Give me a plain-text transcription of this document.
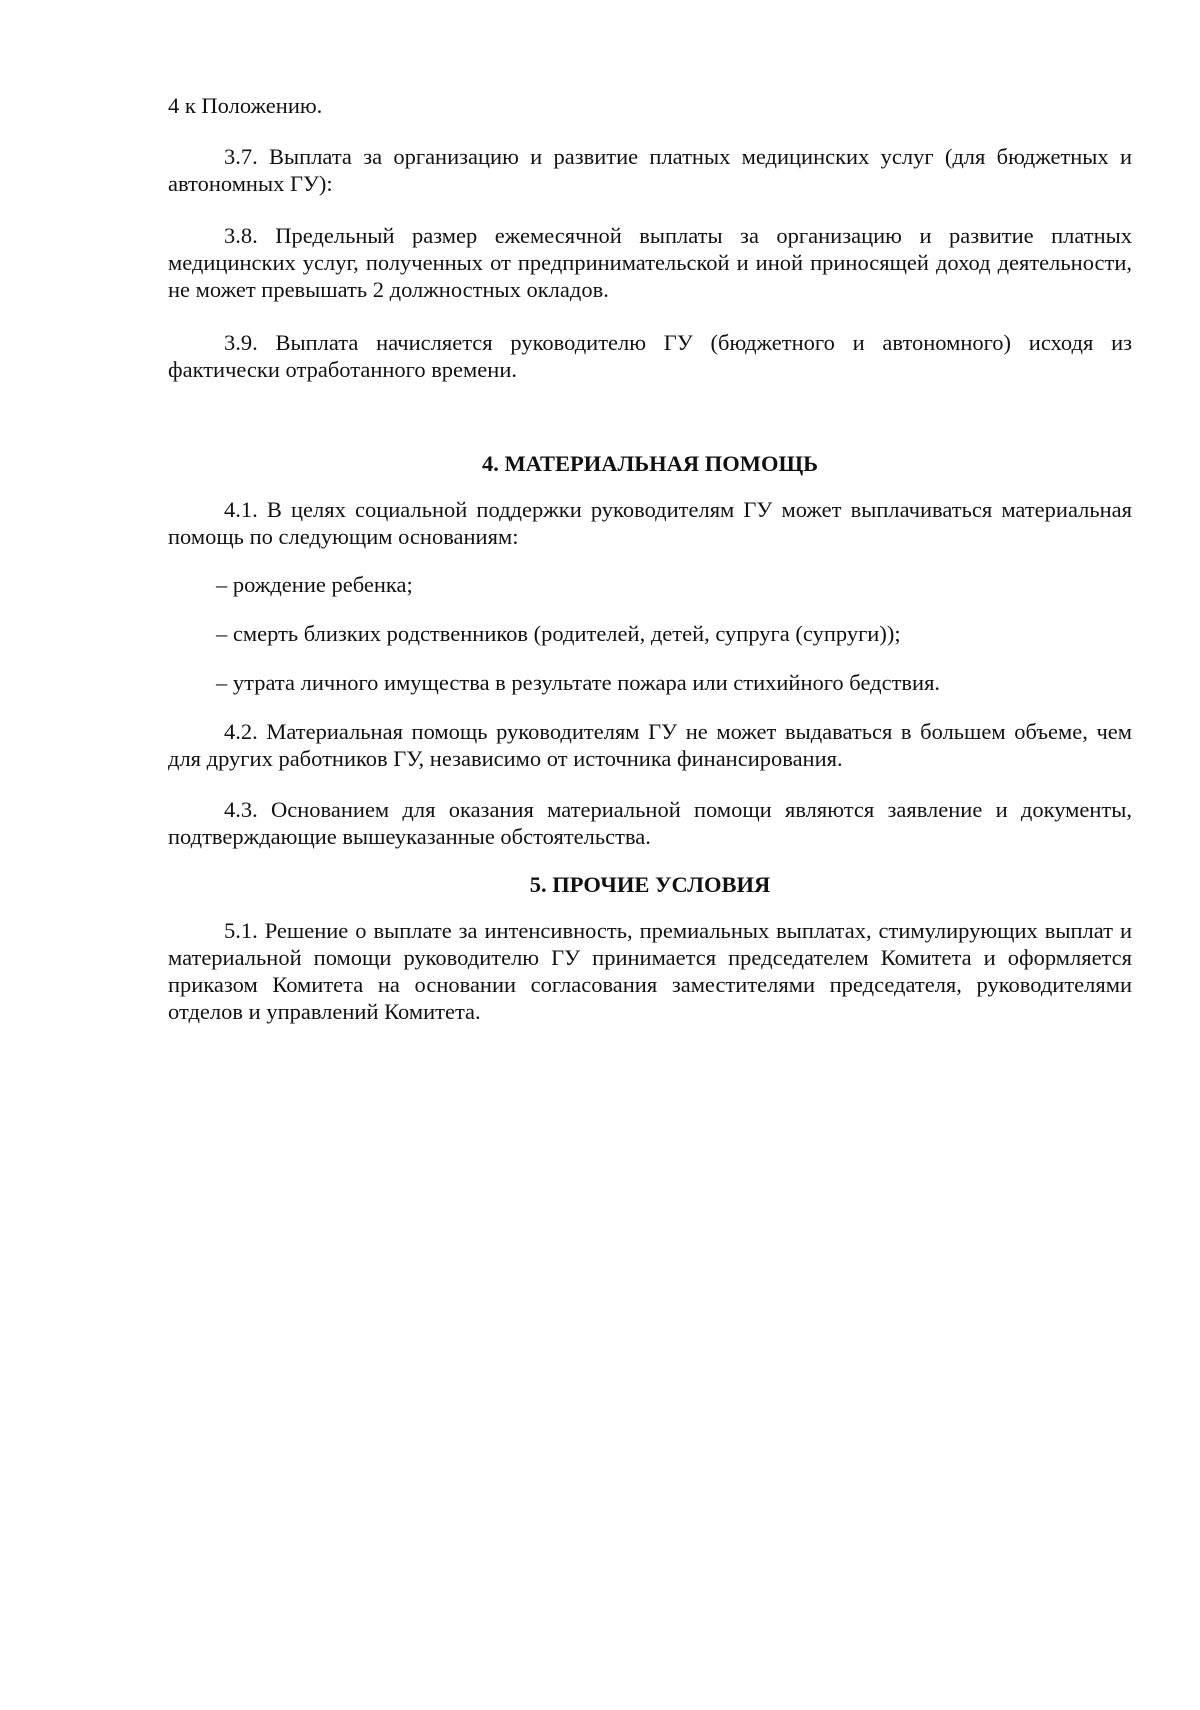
4 к Положению.

3.7. Выплата за организацию и развитие платных медицинских услуг (для бюджетных и автономных ГУ):

3.8. Предельный размер ежемесячной выплаты за организацию и развитие платных медицинских услуг, полученных от предпринимательской и иной приносящей доход деятельности, не может превышать 2 должностных окладов.

3.9. Выплата начисляется руководителю ГУ (бюджетного и автономного) исходя из фактически отработанного времени.

4. МАТЕРИАЛЬНАЯ ПОМОЩЬ

4.1. В целях социальной поддержки руководителям ГУ может выплачиваться материальная помощь по следующим основаниям:

– рождение ребенка;

– смерть близких родственников (родителей, детей, супруга (супруги));

– утрата личного имущества в результате пожара или стихийного бедствия.

4.2. Материальная помощь руководителям ГУ не может выдаваться в большем объеме, чем для других работников ГУ, независимо от источника финансирования.

4.3. Основанием для оказания материальной помощи являются заявление и документы, подтверждающие вышеуказанные обстоятельства.

5. ПРОЧИЕ УСЛОВИЯ

5.1. Решение о выплате за интенсивность, премиальных выплатах, стимулирующих выплат и материальной помощи руководителю ГУ принимается председателем Комитета и оформляется приказом Комитета на основании согласования заместителями председателя, руководителями отделов и управлений Комитета.
